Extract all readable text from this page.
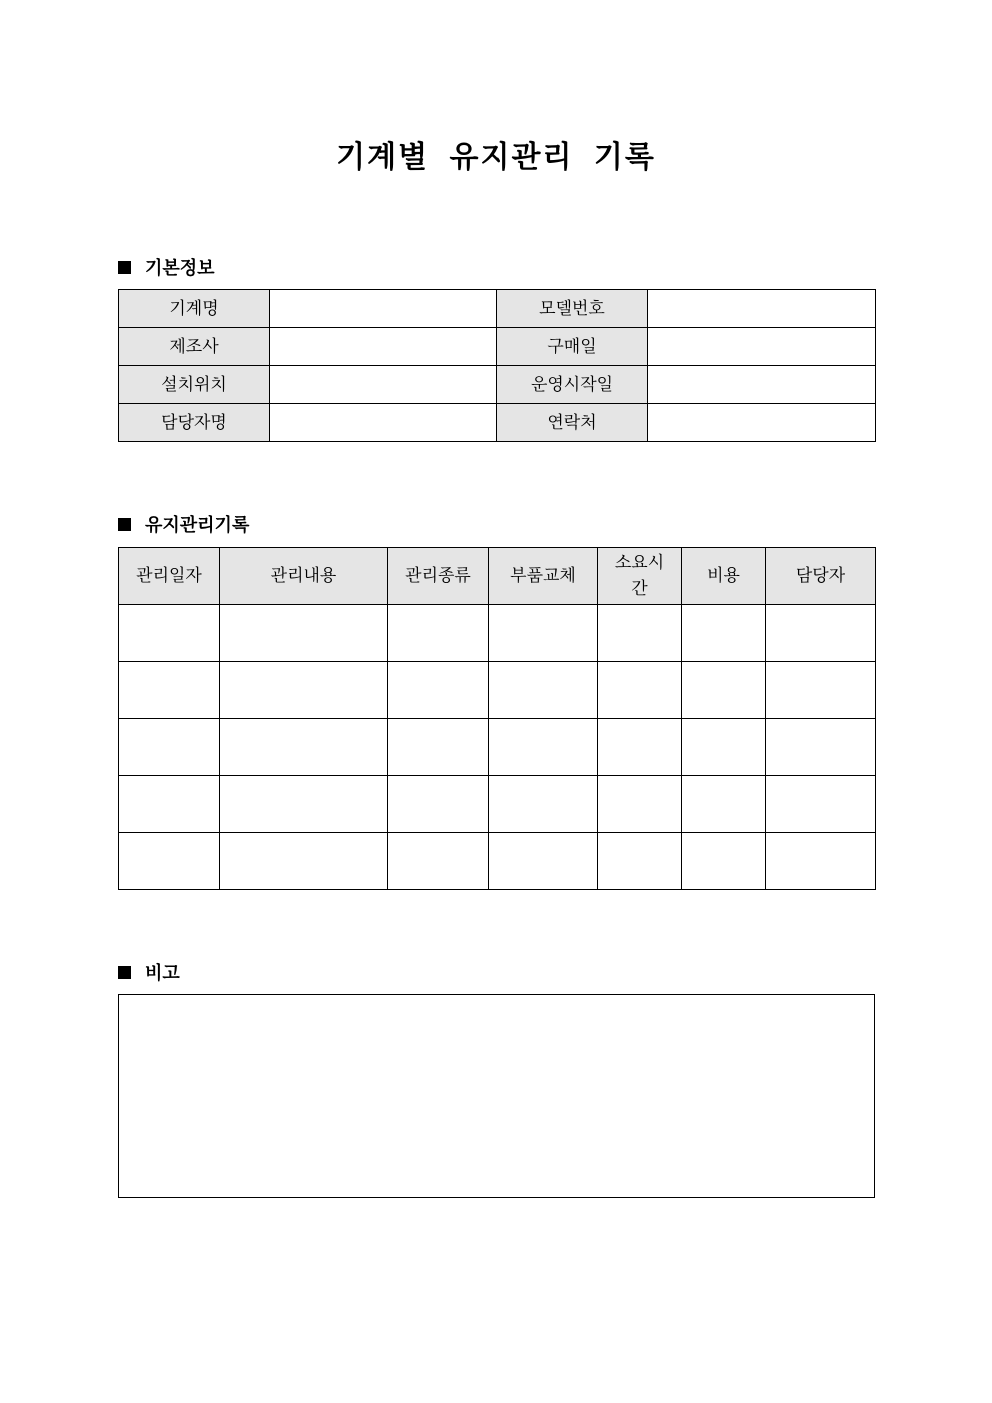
기계별 유지관리 기록
기본정보
기계명		모델번호	
제조사		구매일	
설치위치		운영시작일	
담당자명		연락처	
유지관리기록
관리일자	관리내용	관리종류	부품교체	소요시간	비용	담당자

비고
